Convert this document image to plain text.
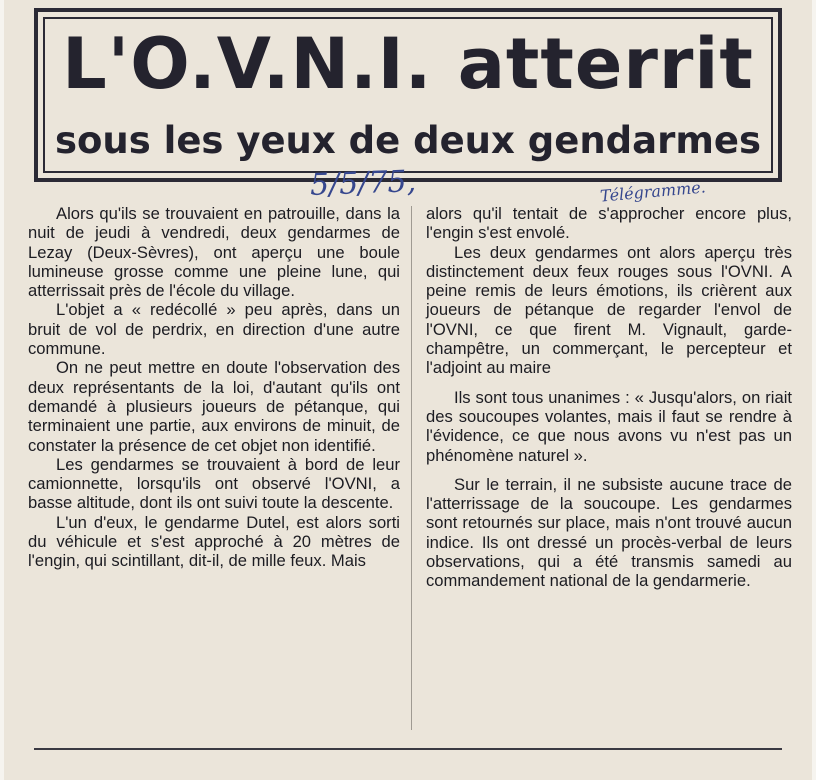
L'O.V.N.I. atterrit
sous les yeux de deux gendarmes
5/5/75,	Télégramme.

Alors qu'ils se trouvaient en patrouille, dans la nuit de jeudi à vendredi, deux gendarmes de Lezay (Deux-Sèvres), ont aperçu une boule lumineuse grosse comme une pleine lune, qui atterrissait près de l'école du village.

L'objet a « redécollé » peu après, dans un bruit de vol de perdrix, en direction d'une autre commune.

On ne peut mettre en doute l'observation des deux représentants de la loi, d'autant qu'ils ont demandé à plusieurs joueurs de pétanque, qui terminaient une partie, aux environs de minuit, de constater la présence de cet objet non identifié.

Les gendarmes se trouvaient à bord de leur camionnette, lorsqu'ils ont observé l'OVNI, a basse altitude, dont ils ont suivi toute la descente.

L'un d'eux, le gendarme Dutel, est alors sorti du véhicule et s'est approché à 20 mètres de l'engin, qui scintillant, dit-il, de mille feux. Mais

alors qu'il tentait de s'approcher encore plus, l'engin s'est envolé.

Les deux gendarmes ont alors aperçu très distinctement deux feux rouges sous l'OVNI. A peine remis de leurs émotions, ils crièrent aux joueurs de pétanque de regarder l'envol de l'OVNI, ce que firent M. Vignault, garde-champêtre, un commerçant, le percepteur et l'adjoint au maire

Ils sont tous unanimes : « Jusqu'alors, on riait des soucoupes volantes, mais il faut se rendre à l'évidence, ce que nous avons vu n'est pas un phénomène naturel ».

Sur le terrain, il ne subsiste aucune trace de l'atterrissage de la soucoupe. Les gendarmes sont retournés sur place, mais n'ont trouvé aucun indice. Ils ont dressé un procès-verbal de leurs observations, qui a été transmis samedi au commandement national de la gendarmerie.
